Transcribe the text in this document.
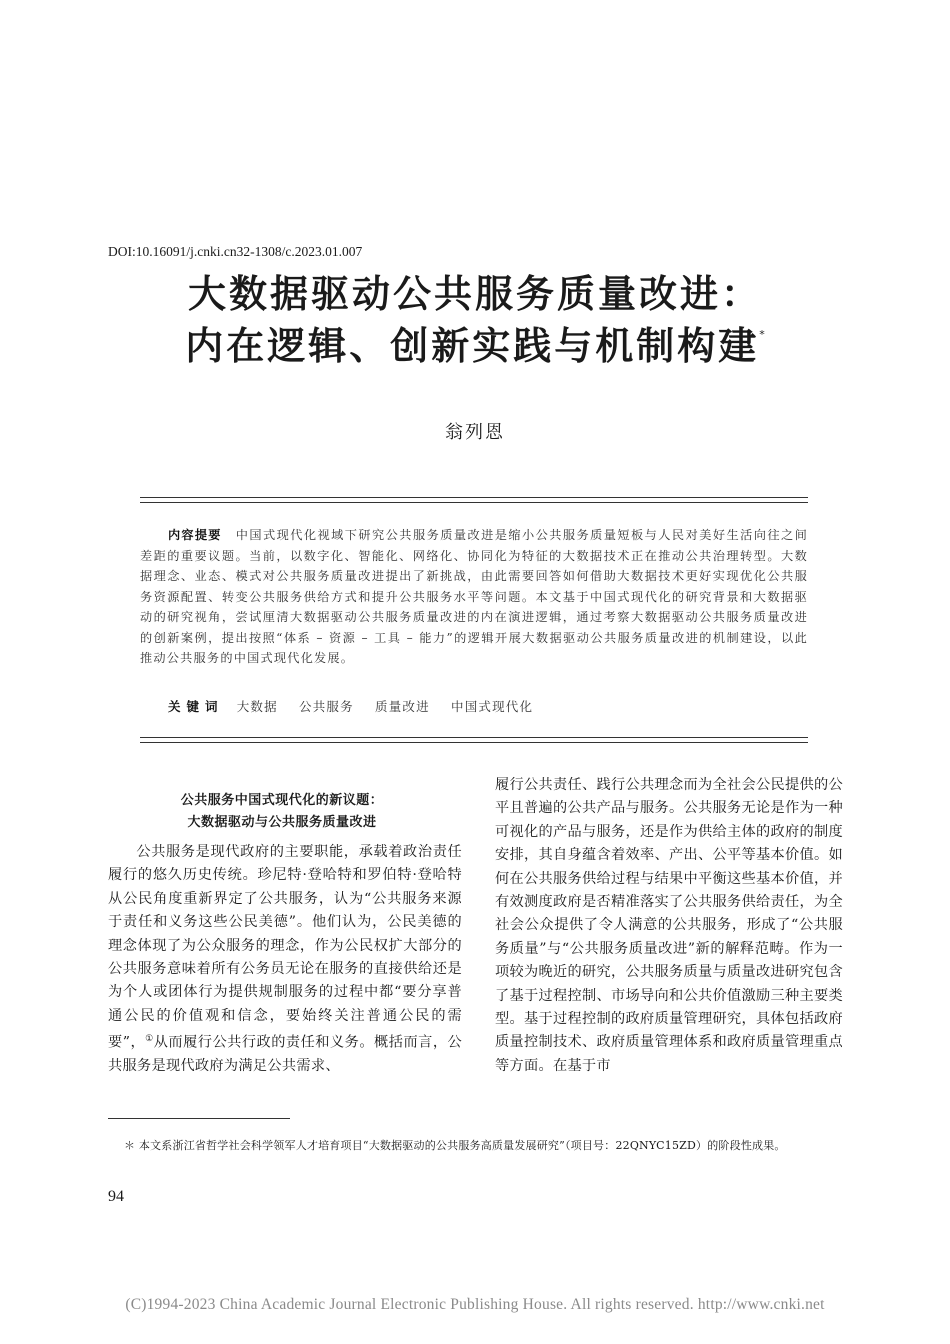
DOI:10.16091/j.cnki.cn32-1308/c.2023.01.007
大数据驱动公共服务质量改进：
内在逻辑、创新实践与机制构建*
翁列恩
内容提要 中国式现代化视域下研究公共服务质量改进是缩小公共服务质量短板与人民对美好生活向往之间差距的重要议题。当前，以数字化、智能化、网络化、协同化为特征的大数据技术正在推动公共治理转型。大数据理念、业态、模式对公共服务质量改进提出了新挑战，由此需要回答如何借助大数据技术更好实现优化公共服务资源配置、转变公共服务供给方式和提升公共服务水平等问题。本文基于中国式现代化的研究背景和大数据驱动的研究视角，尝试厘清大数据驱动公共服务质量改进的内在演进逻辑，通过考察大数据驱动公共服务质量改进的创新案例，提出按照“体系 – 资源 – 工具 – 能力”的逻辑开展大数据驱动公共服务质量改进的机制建设，以此推动公共服务的中国式现代化发展。
关键词 大数据 公共服务 质量改进 中国式现代化
公共服务中国式现代化的新议题：
大数据驱动与公共服务质量改进

公共服务是现代政府的主要职能，承载着政治责任履行的悠久历史传统。珍尼特·登哈特和罗伯特·登哈特从公民角度重新界定了公共服务，认为“公共服务来源于责任和义务这些公民美德”。他们认为，公民美德的理念体现了为公众服务的理念，作为公民权扩大部分的公共服务意味着所有公务员无论在服务的直接供给还是为个人或团体行为提供规制服务的过程中都“要分享普通公民的价值观和信念，要始终关注普通公民的需要”，①从而履行公共行政的责任和义务。概括而言，公共服务是现代政府为满足公共需求、

履行公共责任、践行公共理念而为全社会公民提供的公平且普遍的公共产品与服务。公共服务无论是作为一种可视化的产品与服务，还是作为供给主体的政府的制度安排，其自身蕴含着效率、产出、公平等基本价值。如何在公共服务供给过程与结果中平衡这些基本价值，并有效测度政府是否精准落实了公共服务供给责任，为全社会公众提供了令人满意的公共服务，形成了“公共服务质量”与“公共服务质量改进”新的解释范畴。作为一项较为晚近的研究，公共服务质量与质量改进研究包含了基于过程控制、市场导向和公共价值激励三种主要类型。基于过程控制的政府质量管理研究，具体包括政府质量控制技术、政府质量管理体系和政府质量管理重点等方面。在基于市

＊ 本文系浙江省哲学社会科学领军人才培育项目“大数据驱动的公共服务高质量发展研究”（项目号：22QNYC15ZD）的阶段性成果。
94
(C)1994-2023 China Academic Journal Electronic Publishing House. All rights reserved. http://www.cnki.net
